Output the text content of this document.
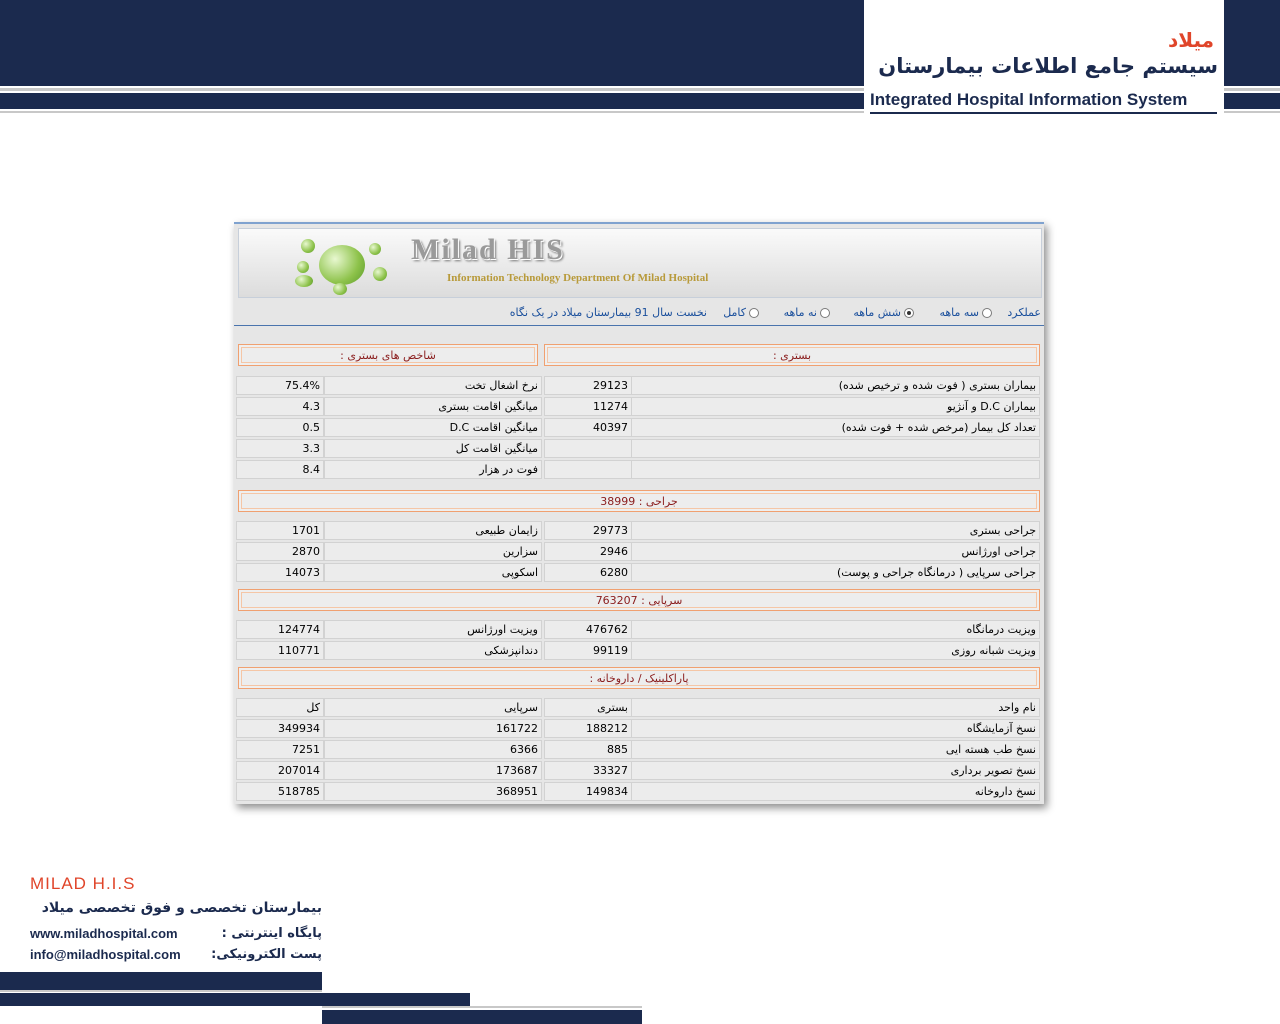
میلاد
سیستم جامع اطلاعات بیمارستان
Integrated Hospital Information System
Milad HIS
Information Technology Department Of Milad Hospital
عملکرد
سه ماهه
شش ماهه
نه ماهه
کامل
نخست سال 91 بیمارستان میلاد در یک نگاه
بستری :
شاخص های بستری :
بیماران بستری ( فوت شده و ترخیص شده)
29123
بیماران D.C و آنژیو
11274
تعداد کل بیمار (مرخص شده + فوت شده)
40397
نرخ اشغال تخت
75.4%
میانگین اقامت بستری
4.3
میانگین اقامت D.C
0.5
میانگین اقامت کل
3.3
فوت در هزار
8.4
جراحی : 38999
جراحی بستری
29773
زایمان طبیعی
1701
جراحی اورژانس
2946
سزارین
2870
جراحی سرپایی ( درمانگاه جراحی و پوست)
6280
اسکوپی
14073
سرپایی : 763207
ویزیت درمانگاه
476762
ویزیت اورژانس
124774
ویزیت شبانه روزی
99119
دندانپزشکی
110771
پاراکلینیک / داروخانه :
نام واحد
بستری
سرپایی
کل
نسخ آزمایشگاه
188212
161722
349934
نسخ طب هسته ایی
885
6366
7251
نسخ تصویر برداری
33327
173687
207014
نسخ داروخانه
149834
368951
518785
MILAD H.I.S
بیمارستان تخصصی و فوق تخصصی میلاد
www.miladhospital.com	پایگاه اینترنتی :
info@miladhospital.com پست الکترونیکی:
